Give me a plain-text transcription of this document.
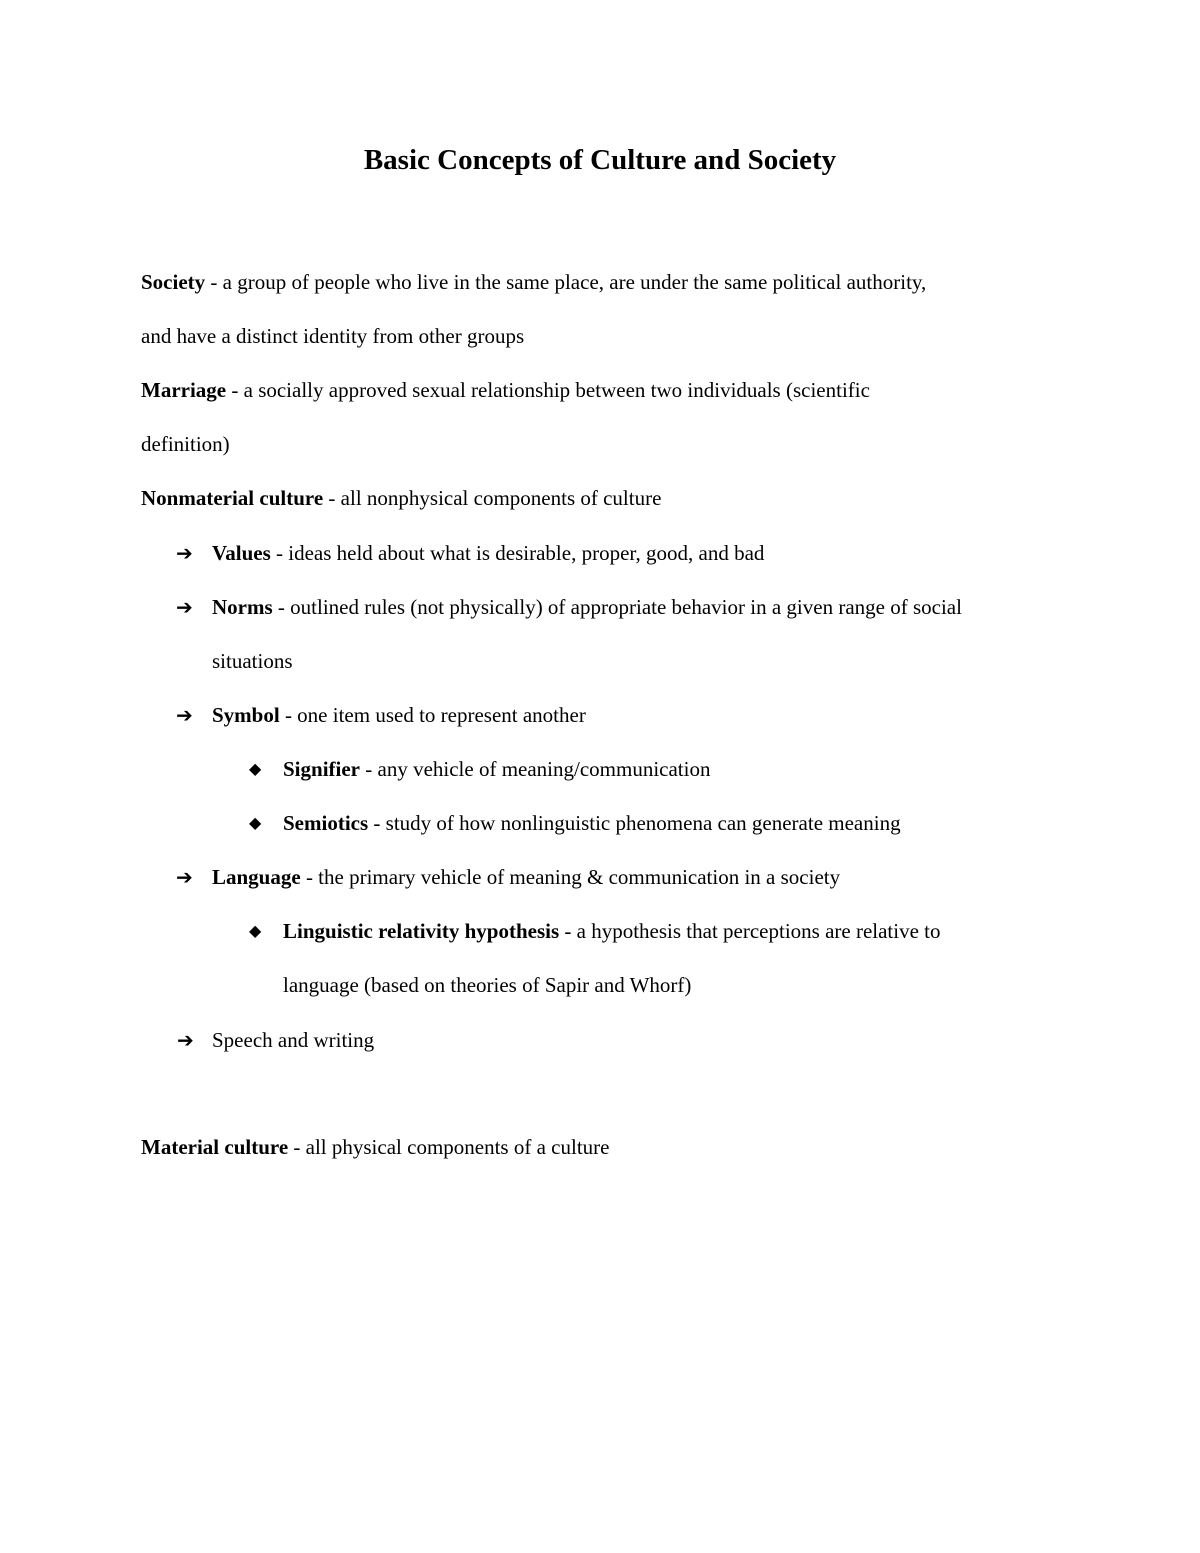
Basic Concepts of Culture and Society

Society - a group of people who live in the same place, are under the same political authority,

and have a distinct identity from other groups

Marriage - a socially approved sexual relationship between two individuals (scientific

definition)

Nonmaterial culture - all nonphysical components of culture

➔ Values - ideas held about what is desirable, proper, good, and bad

➔ Norms - outlined rules (not physically) of appropriate behavior in a given range of social

situations

➔ Symbol - one item used to represent another

◆ Signifier - any vehicle of meaning/communication

◆ Semiotics - study of how nonlinguistic phenomena can generate meaning

➔ Language - the primary vehicle of meaning & communication in a society

◆ Linguistic relativity hypothesis - a hypothesis that perceptions are relative to

language (based on theories of Sapir and Whorf)

➔ Speech and writing

Material culture - all physical components of a culture
